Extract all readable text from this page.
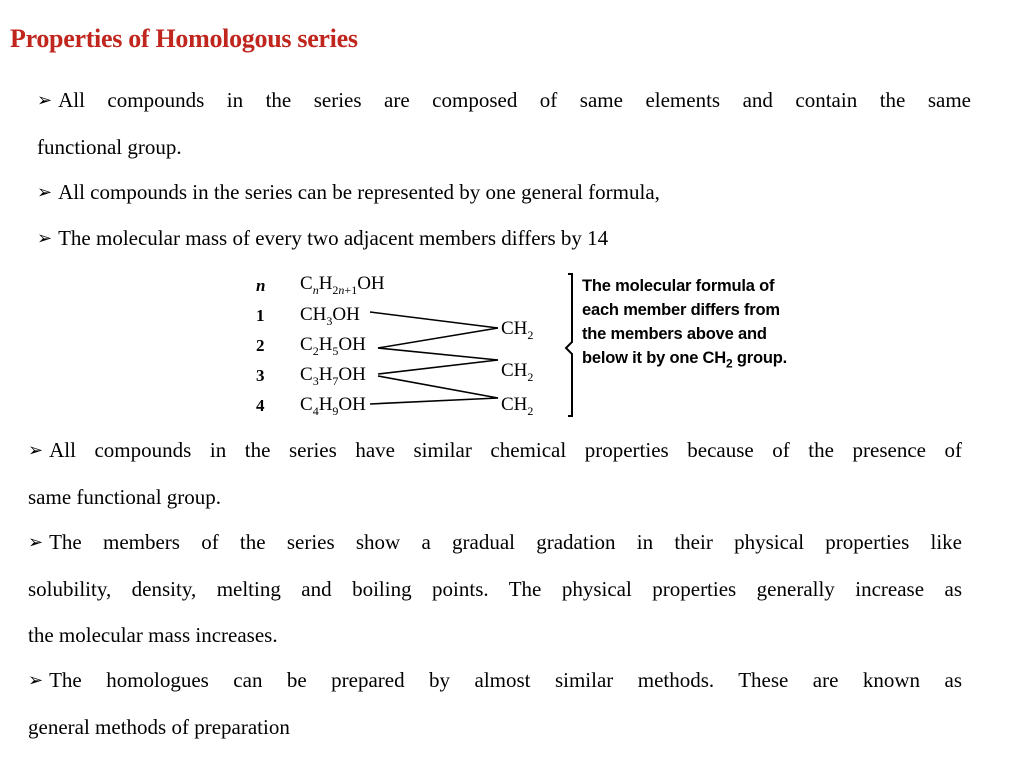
Properties of Homologous series

➢ All compounds in the series are composed of same elements and contain the same
functional group.

➢ All compounds in the series can be represented by one general formula,

➢ The molecular mass of every two adjacent members differs by 14

n $C_nH_{2n+1}OH$
1 $CH_3OH$
2 $C_2H_5OH$
3 $C_3H_7OH$
4 $C_4H_9OH$
$CH_2$
$CH_2$
$CH_2$
The molecular formula of each member differs from the members above and below it by one $CH_2$ group.

➢ All compounds in the series have similar chemical properties because of the presence of
same functional group.

➢ The members of the series show a gradual gradation in their physical properties like
solubility, density, melting and boiling points. The physical properties generally increase as
the molecular mass increases.

➢ The homologues can be prepared by almost similar methods. These are known as
general methods of preparation
